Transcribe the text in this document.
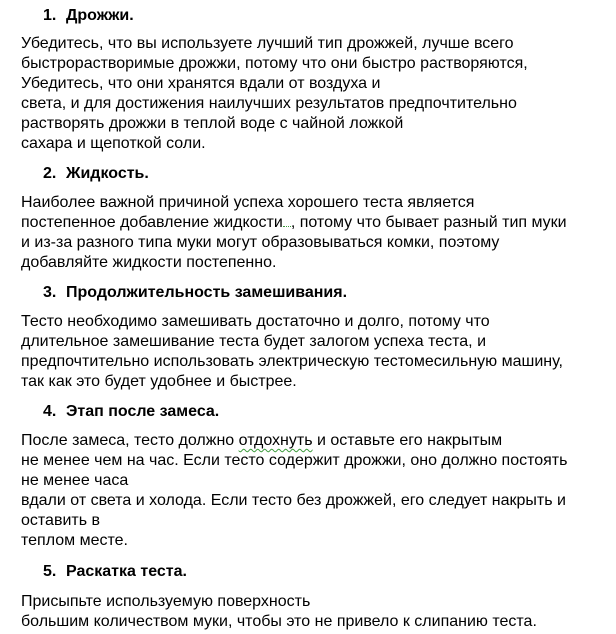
1. Дрожжи.
Убедитесь, что вы используете лучший тип дрожжей, лучше всего
быстрорастворимые дрожжи, потому что они быстро растворяются,
Убедитесь, что они хранятся вдали от воздуха и
света, и для достижения наилучших результатов предпочтительно
растворять дрожжи в теплой воде с чайной ложкой
сахара и щепоткой соли.
2. Жидкость.
Наиболее важной причиной успеха хорошего теста является
постепенное добавление жидкости , потому что бывает разный тип муки
и из-за разного типа муки могут образовываться комки, поэтому
добавляйте жидкости постепенно.
3. Продолжительность замешивания.
Тесто необходимо замешивать достаточно и долго, потому что
длительное замешивание теста будет залогом успеха теста, и
предпочтительно использовать электрическую тестомесильную машину,
так как это будет удобнее и быстрее.
4. Этап после замеса.
После замеса, тесто должно отдохнуть и оставьте его накрытым
не менее чем на час. Если тесто содержит дрожжи, оно должно постоять
не менее часа
вдали от света и холода. Если тесто без дрожжей, его следует накрыть и
оставить в
теплом месте.
5. Раскатка теста.
Присыпьте используемую поверхность
большим количеством муки, чтобы это не привело к слипанию теста.
